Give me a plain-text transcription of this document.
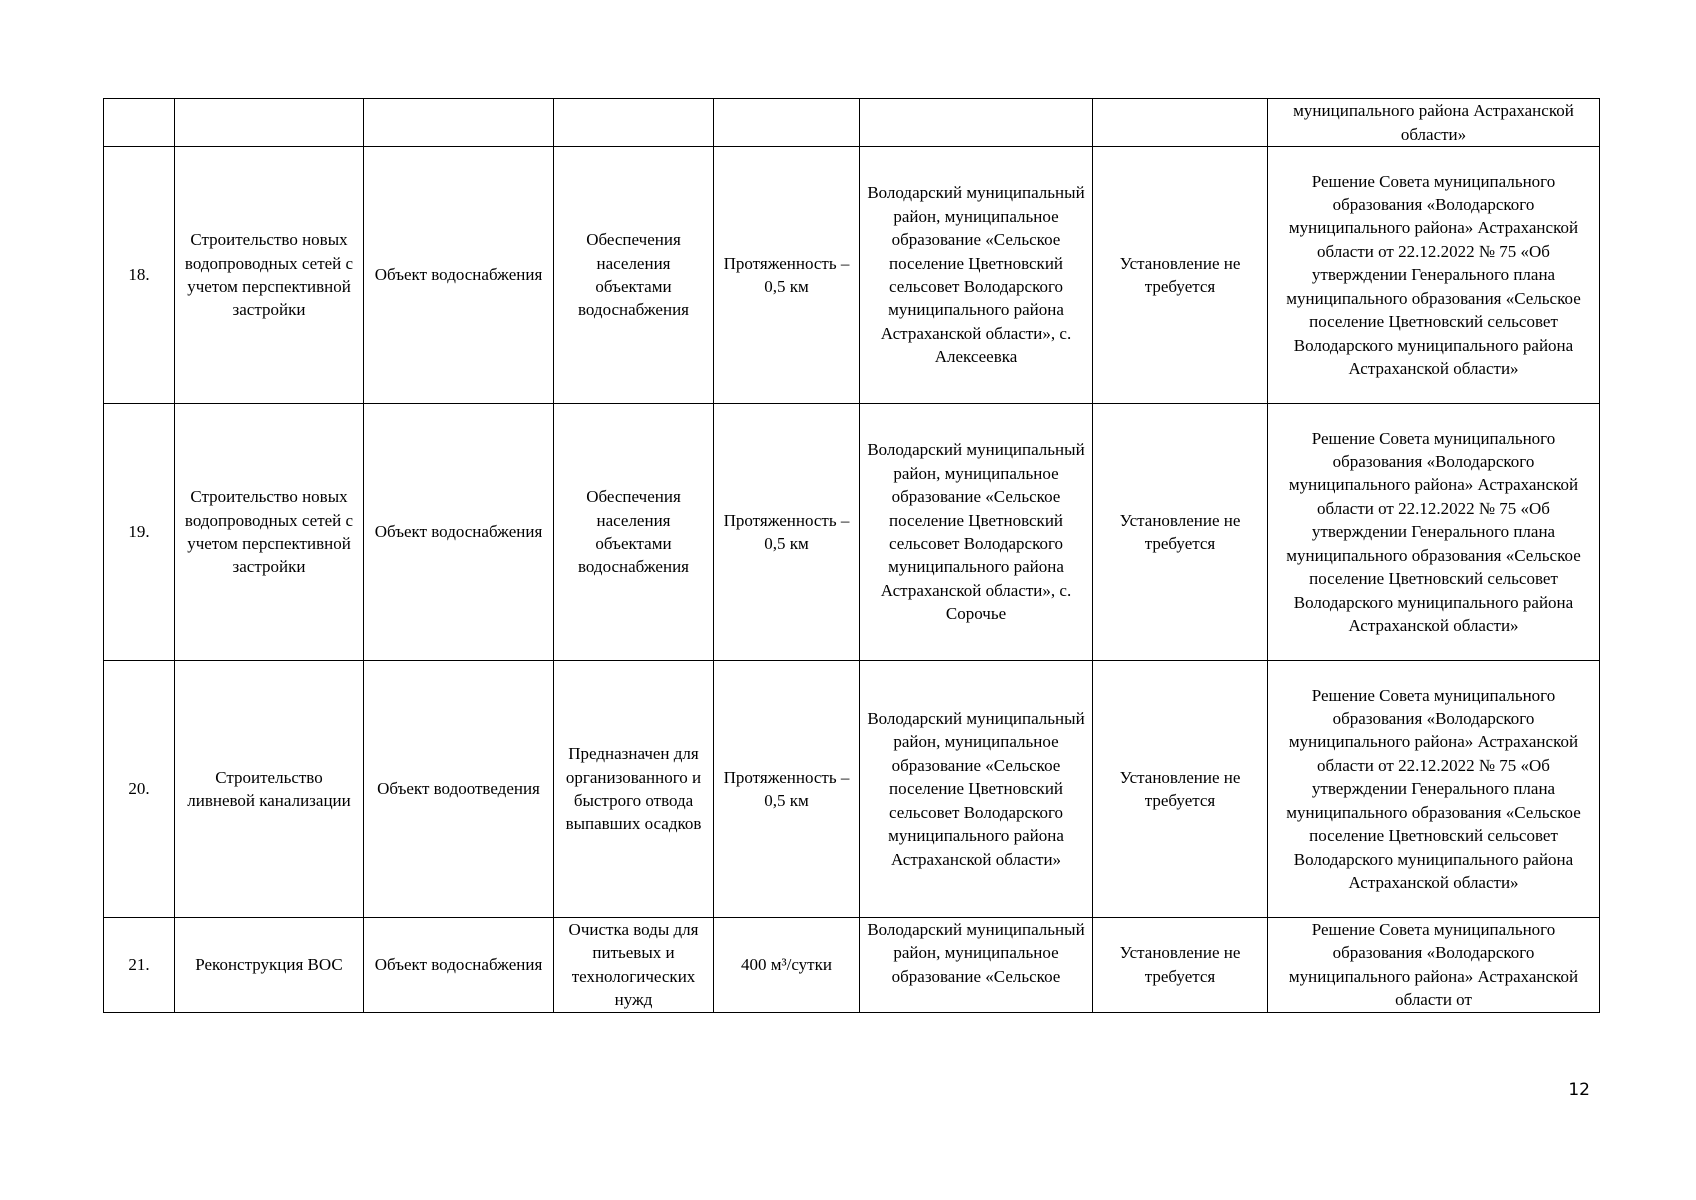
							муниципального района Астраханской области»
18.	Строительство новых водопроводных сетей с учетом перспективной застройки	Объект водоснабжения	Обеспечения населения объектами водоснабжения	Протяженность –0,5 км	Володарский муниципальный район, муниципальное образование «Сельское поселение Цветновский сельсовет Володарского муниципального района Астраханской области», с. Алексеевка	Установление не требуется	Решение Совета муниципального образования «Володарского муниципального района» Астраханской области от 22.12.2022 № 75 «Об утверждении Генерального плана муниципального образования «Сельское поселение Цветновский сельсовет Володарского муниципального района Астраханской области»
19.	Строительство новых водопроводных сетей с учетом перспективной застройки	Объект водоснабжения	Обеспечения населения объектами водоснабжения	Протяженность –0,5 км	Володарский муниципальный район, муниципальное образование «Сельское поселение Цветновский сельсовет Володарского муниципального района Астраханской области», с. Сорочье	Установление не требуется	Решение Совета муниципального образования «Володарского муниципального района» Астраханской области от 22.12.2022 № 75 «Об утверждении Генерального плана муниципального образования «Сельское поселение Цветновский сельсовет Володарского муниципального района Астраханской области»
20.	Строительство ливневой канализации	Объект водоотведения	Предназначен для организованного и быстрого отвода выпавших осадков	Протяженность –0,5 км	Володарский муниципальный район, муниципальное образование «Сельское поселение Цветновский сельсовет Володарского муниципального района Астраханской области»	Установление не требуется	Решение Совета муниципального образования «Володарского муниципального района» Астраханской области от 22.12.2022 № 75 «Об утверждении Генерального плана муниципального образования «Сельское поселение Цветновский сельсовет Володарского муниципального района Астраханской области»
21.	Реконструкция ВОС	Объект водоснабжения	Очистка воды для питьевых и технологических нужд	400 м³/сутки	Володарский муниципальный район, муниципальное образование «Сельское	Установление не требуется	Решение Совета муниципального образования «Володарского муниципального района» Астраханской области от
12
